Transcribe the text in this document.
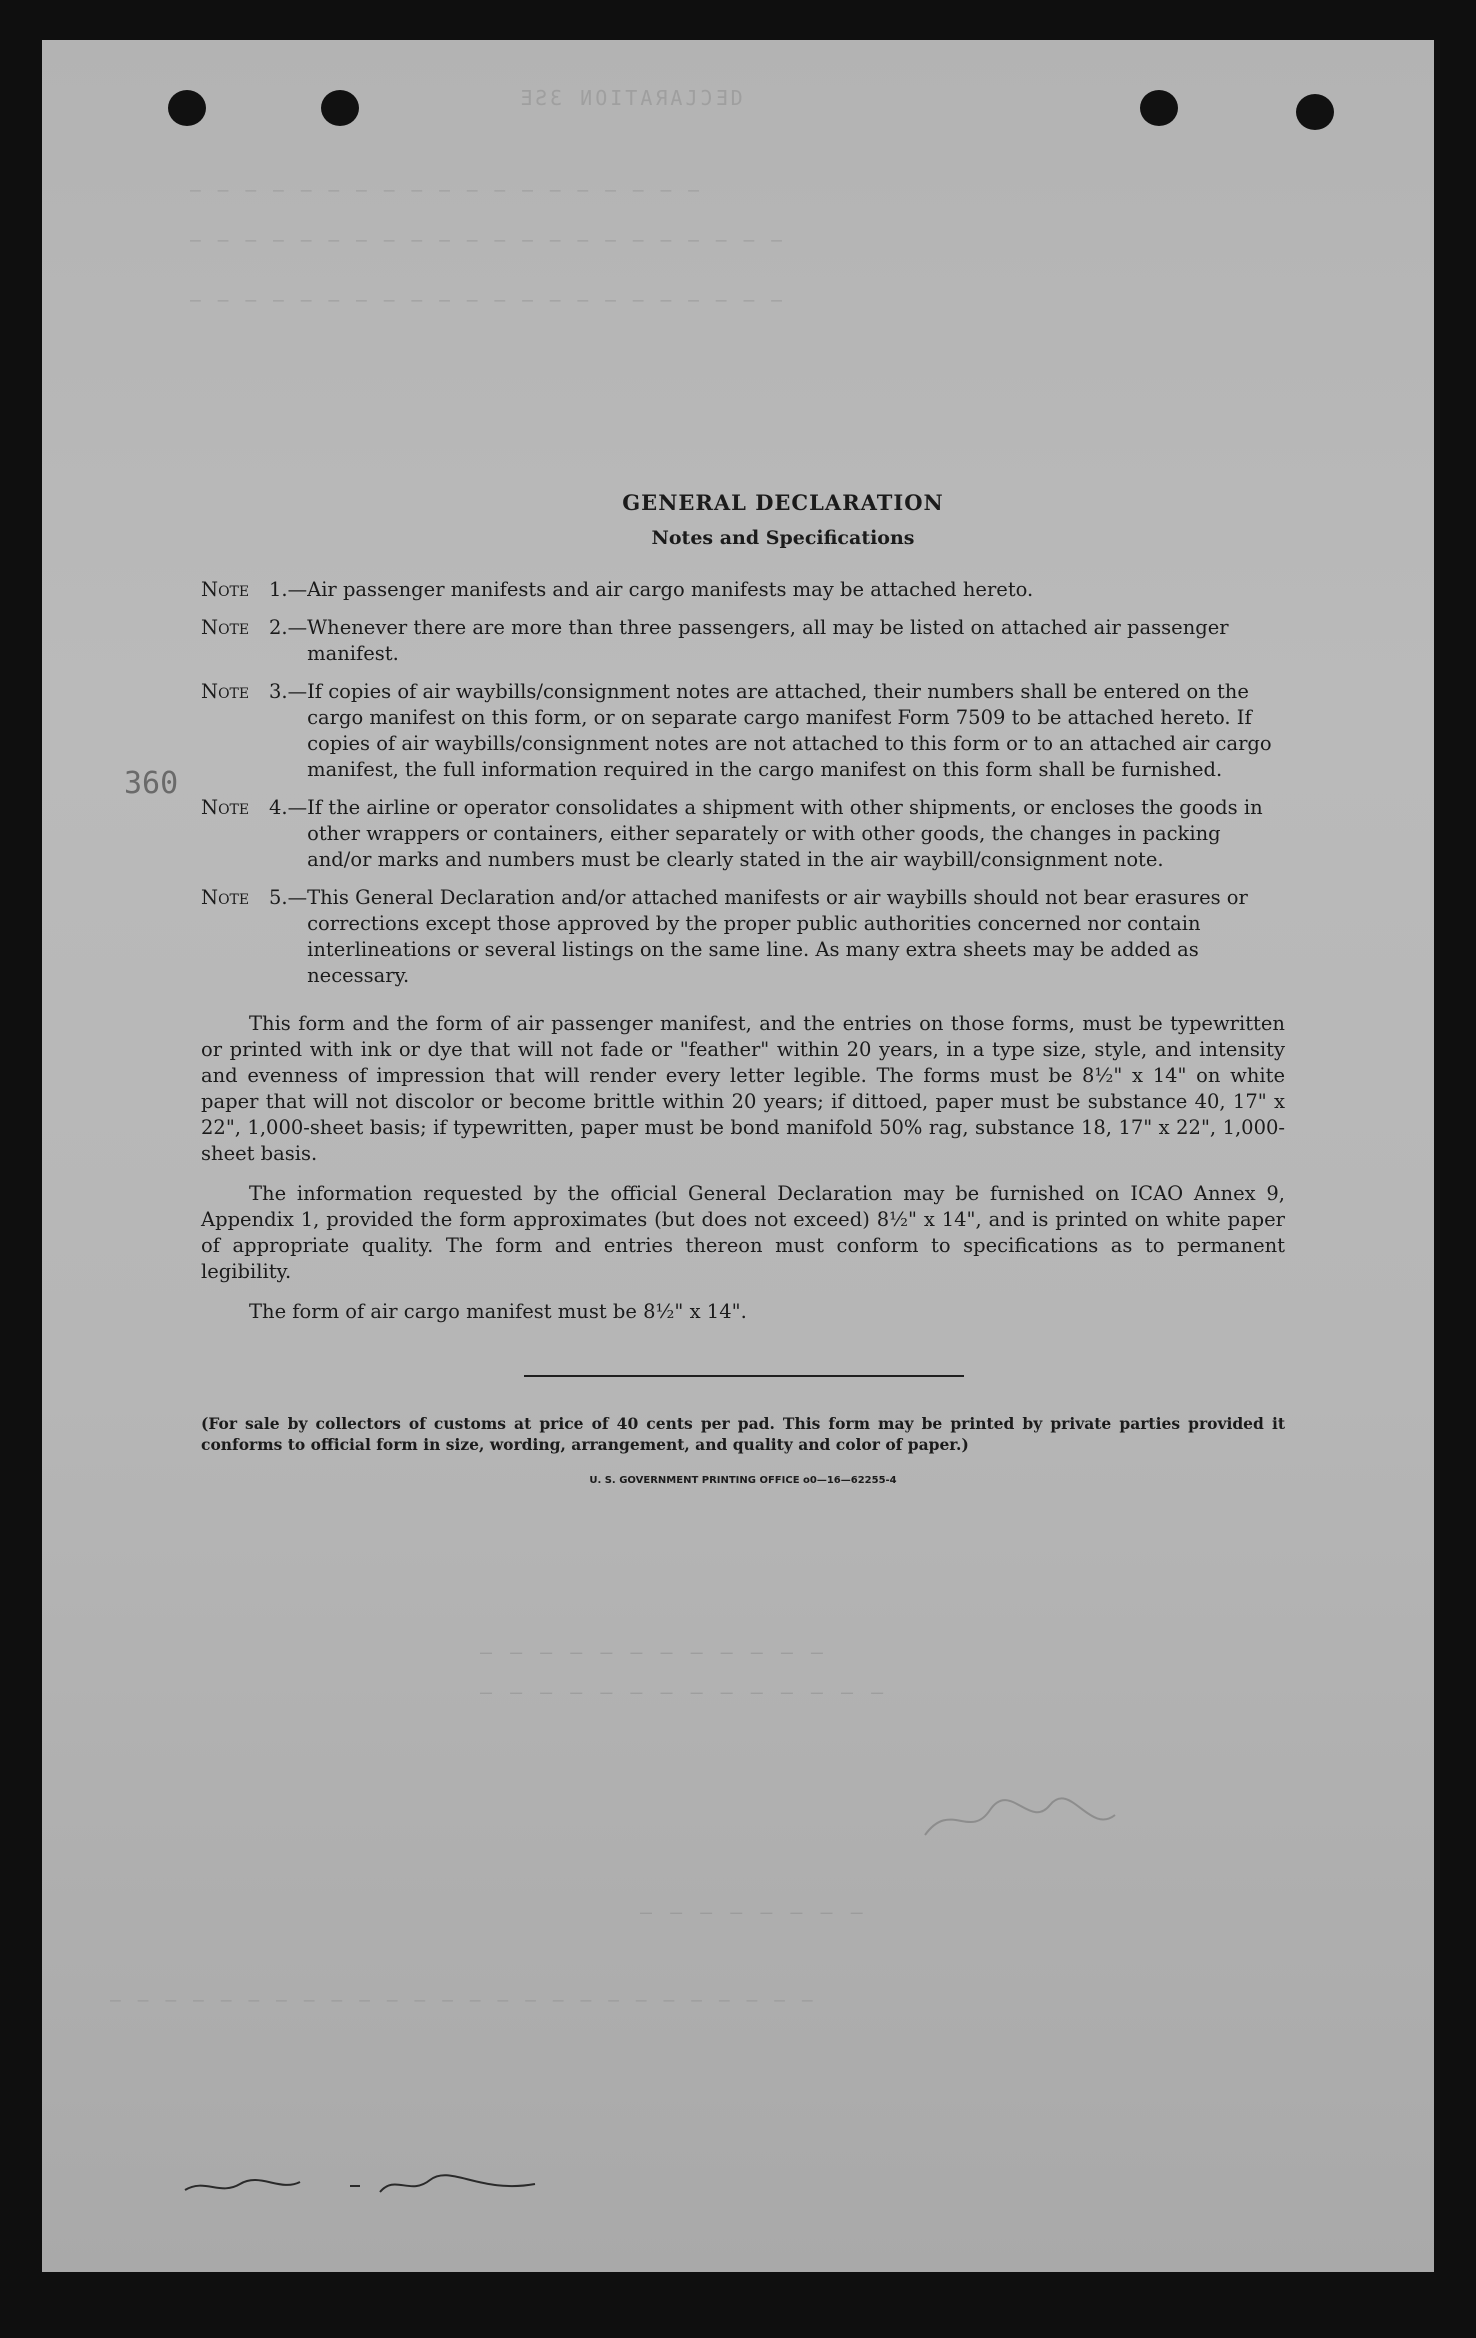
ƎƧƐ ИOITAЯAJƆƎD
— — — — — — — — — — — — — — — — — — —
— — — — — — — — — — — — — — — — — — — — — —
— — — — — — — — — — — — — — — — — — — — — —
— — — — — — — — — — — —
— — — — — — — — — — — — — —
— — — — — — — —
— — — — — — — — — — — — — — — — — — — — — — — — — —
360
GENERAL DECLARATION
Notes and Specifications
Note	1.— Air passenger manifests and air cargo manifests may be attached hereto.
Note	2.— Whenever there are more than three passengers, all may be listed on attached air passenger manifest.
Note	3.— If copies of air waybills/consignment notes are attached, their numbers shall be entered on the cargo manifest on this form, or on separate cargo manifest Form 7509 to be attached hereto. If copies of air waybills/consignment notes are not attached to this form or to an attached air cargo manifest, the full information required in the cargo manifest on this form shall be furnished.
Note	4.— If the airline or operator consolidates a shipment with other shipments, or encloses the goods in other wrappers or containers, either separately or with other goods, the changes in packing and/or marks and numbers must be clearly stated in the air waybill/consignment note.
Note	5.— This General Declaration and/or attached manifests or air waybills should not bear erasures or corrections except those approved by the proper public authorities concerned nor contain interlineations or several listings on the same line. As many extra sheets may be added as necessary.
This form and the form of air passenger manifest, and the entries on those forms, must be typewritten or printed with ink or dye that will not fade or "feather" within 20 years, in a type size, style, and intensity and evenness of impression that will render every letter legible. The forms must be 8½" x 14" on white paper that will not discolor or become brittle within 20 years; if dittoed, paper must be substance 40, 17" x 22", 1,000-sheet basis; if typewritten, paper must be bond manifold 50% rag, substance 18, 17" x 22", 1,000-sheet basis.
The information requested by the official General Declaration may be furnished on ICAO Annex 9, Appendix 1, provided the form approximates (but does not exceed) 8½" x 14", and is printed on white paper of appropriate quality. The form and entries thereon must conform to specifications as to permanent legibility.
The form of air cargo manifest must be 8½" x 14".
(For sale by collectors of customs at price of 40 cents per pad. This form may be printed by private parties provided it conforms to official form in size, wording, arrangement, and quality and color of paper.)
U. S. GOVERNMENT PRINTING OFFICE o0—16—62255-4
